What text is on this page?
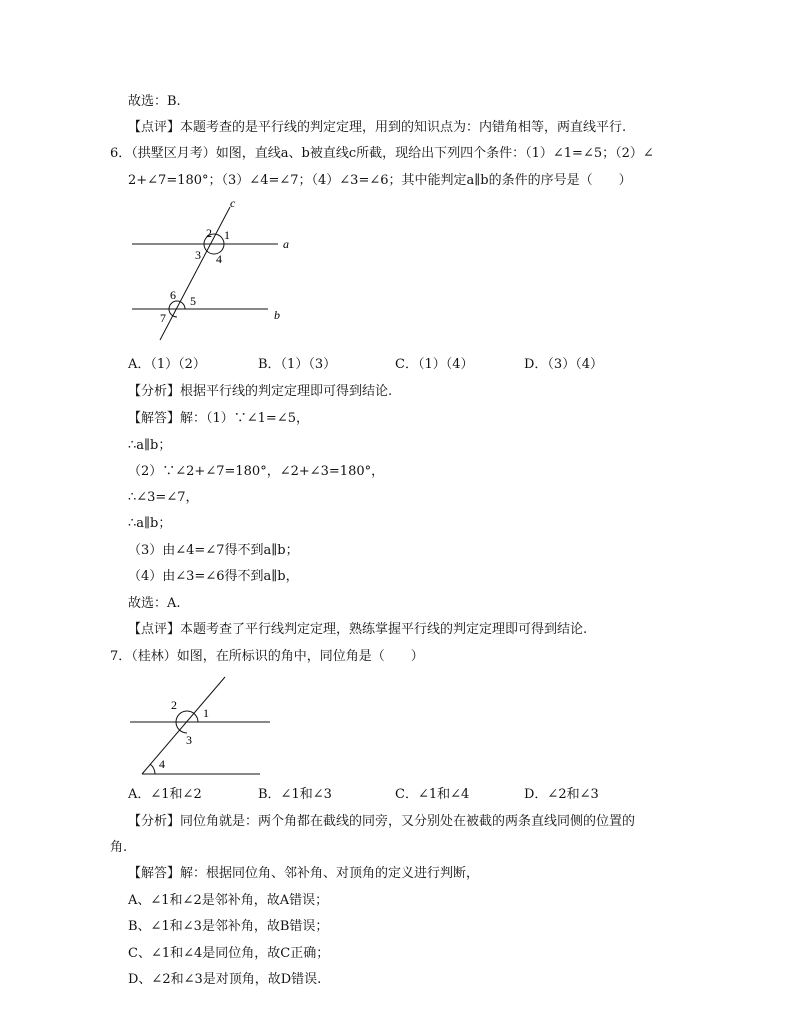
故选：B.
【点评】本题考查的是平行线的判定定理，用到的知识点为：内错角相等，两直线平行.
6．（拱墅区月考）如图，直线a、b被直线c所截，现给出下列四个条件：（1）∠1=∠5；（2）∠
2+∠7=180°；（3）∠4=∠7；（4）∠3=∠6；其中能判定a∥b的条件的序号是（　　）
c
a
b
2 1
3 4
6 5
7
A．（1）（2）	B．（1）（3）	C．（1）（4）	D．（3）（4）
【分析】根据平行线的判定定理即可得到结论.
【解答】解：（1）∵∠1=∠5，
∴a∥b；
（2）∵∠2+∠7=180°，∠2+∠3=180°，
∴∠3=∠7，
∴a∥b；
（3）由∠4=∠7得不到a∥b；
（4）由∠3=∠6得不到a∥b，
故选：A.
【点评】本题考查了平行线判定定理，熟练掌握平行线的判定定理即可得到结论.
7．（桂林）如图，在所标识的角中，同位角是（　　）
2
1
3
4
A．∠1和∠2	B．∠1和∠3	C．∠1和∠4	D．∠2和∠3
【分析】同位角就是：两个角都在截线的同旁，又分别处在被截的两条直线同侧的位置的
角.
【解答】解：根据同位角、邻补角、对顶角的定义进行判断，
A、∠1和∠2是邻补角，故A错误；
B、∠1和∠3是邻补角，故B错误；
C、∠1和∠4是同位角，故C正确；
D、∠2和∠3是对顶角，故D错误.
